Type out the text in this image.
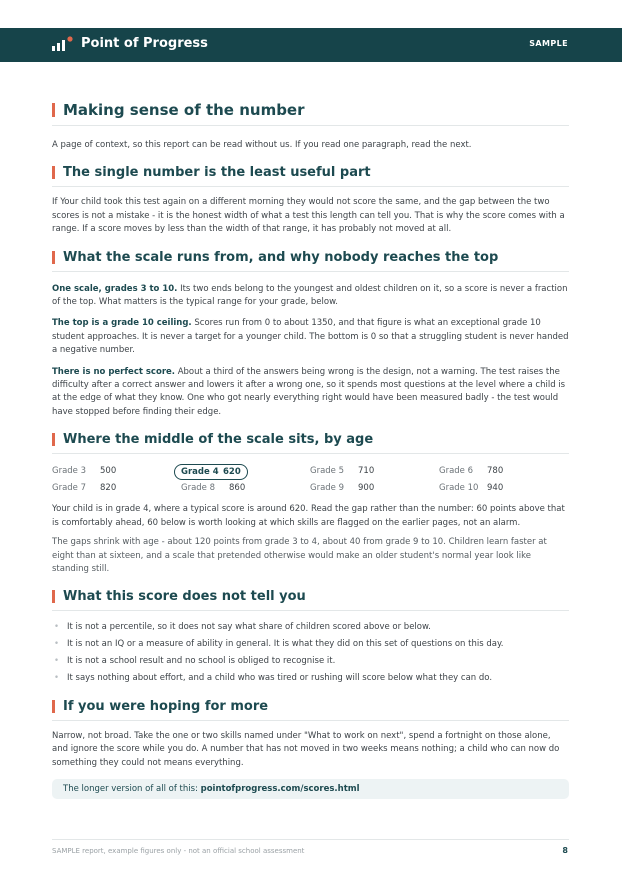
Point of Progress	SAMPLE
Making sense of the number

A page of context, so this report can be read without us. If you read one paragraph, read the next.

The single number is the least useful part

If Your child took this test again on a different morning they would not score the same, and the gap between the two scores is not a mistake - it is the honest width of what a test this length can tell you. That is why the score comes with a range. If a score moves by less than the width of that range, it has probably not moved at all.

What the scale runs from, and why nobody reaches the top

One scale, grades 3 to 10. Its two ends belong to the youngest and oldest children on it, so a score is never a fraction of the top. What matters is the typical range for your grade, below.

The top is a grade 10 ceiling. Scores run from 0 to about 1350, and that figure is what an exceptional grade 10 student approaches. It is never a target for a younger child. The bottom is 0 so that a struggling student is never handed a negative number.

There is no perfect score. About a third of the answers being wrong is the design, not a warning. The test raises the difficulty after a correct answer and lowers it after a wrong one, so it spends most questions at the level where a child is at the edge of what they know. One who got nearly everything right would have been measured badly - the test would have stopped before finding their edge.

Where the middle of the scale sits, by age
Grade 3	500	Grade 4 620	Grade 5	710	Grade 6	780
Grade 7	820	Grade 8	860	Grade 9	900	Grade 10	940

Your child is in grade 4, where a typical score is around 620. Read the gap rather than the number: 60 points above that is comfortably ahead, 60 below is worth looking at which skills are flagged on the earlier pages, not an alarm.

The gaps shrink with age - about 120 points from grade 3 to 4, about 40 from grade 9 to 10. Children learn faster at eight than at sixteen, and a scale that pretended otherwise would make an older student's normal year look like standing still.

What this score does not tell you
• It is not a percentile, so it does not say what share of children scored above or below.
• It is not an IQ or a measure of ability in general. It is what they did on this set of questions on this day.
• It is not a school result and no school is obliged to recognise it.
• It says nothing about effort, and a child who was tired or rushing will score below what they can do.
If you were hoping for more

Narrow, not broad. Take the one or two skills named under "What to work on next", spend a fortnight on those alone, and ignore the score while you do. A number that has not moved in two weeks means nothing; a child who can now do something they could not means everything.

The longer version of all of this: pointofprogress.com/scores.html
SAMPLE report, example figures only - not an official school assessment	8
